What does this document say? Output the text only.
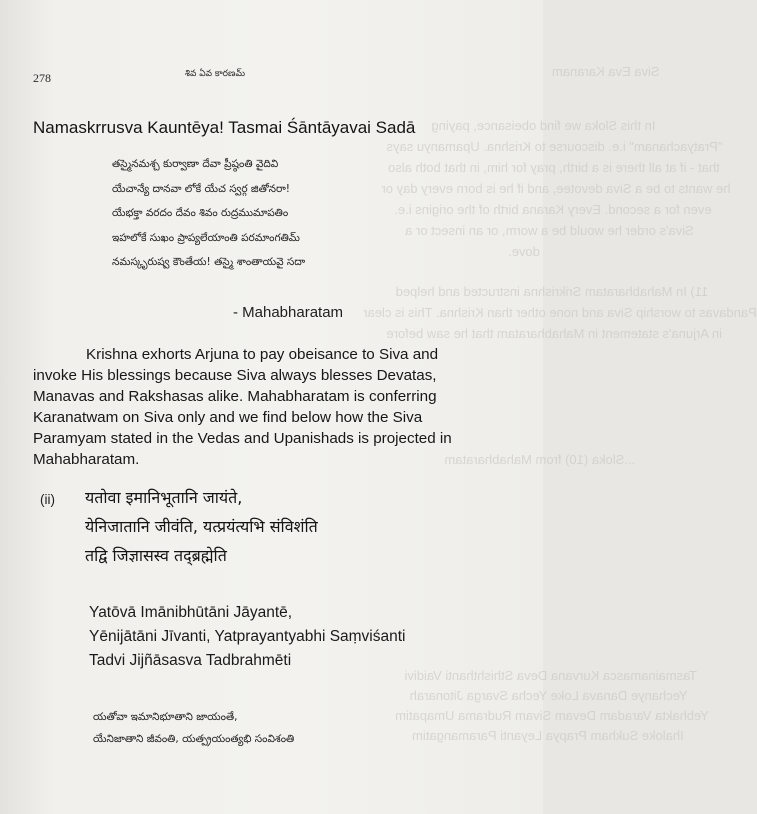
Siva Eva Karanam
In this Sloka we find obeisance, paying
"Pratyachanam" i.e. discourse to Krishna. Upamanyu says
that - if at all there is a birth, pray for him, in that both also
he wants to be a Siva devotee, and if he is born every day or
even for a second. Every Karana birth of the origins i.e.
Siva's order he would be a worm, or an insect or a
dove.
11) In Mahabharatam Srikrishna instructed and helped
Pandavas to worship Siva and none other than Krishna. This is clear
in Arjuna's statement in Mahabharatam that he saw before
...Sloka (10) from Mahabharatam
Tasmainamasca Kurvana Deva Sthishthanti Vaidivi
Yechanye Danava Loke Yecha Svarga Jitonarah
Yebhakta Varadam Devam Sivam Rudrama Umapatim
Ihaloke Sukham Prapya Leyanti Paramangatim
278	శివ ఏవ కారణమ్
Namaskrrusva Kauntēya! Tasmai Śāntāyavai Sadā
తస్మైనమశ్చ కుర్వాణా దేవా ప్రీష్ఠంతి వైదివి
యేచాన్యే దానవా లోకే యేచ స్వర్గ జితోనరా!
యేభక్తా వరదం దేవం శివం రుద్రముమాపతిం
ఇహలోకే సుఖం ప్రాప్యలేయాంతి పరమాంగతిమ్
నమస్కృరుష్వ కౌంతేయ! తస్మై శాంతాయవై సదా
- Mahabharatam

Krishna exhorts Arjuna to pay obeisance to Siva and invoke His blessings because Siva always blesses Devatas, Manavas and Rakshasas alike. Mahabharatam is conferring Karanatwam on Siva only and we find below how the Siva Paramyam stated in the Vedas and Upanishads is projected in Mahabharatam.

(ii) यतोवा इमानिभूतानि जायंते,
येनिजातानि जीवंति, यत्प्रयंत्यभि संविशंति
तद्वि जिज्ञासस्व तद्ब्रह्मेति
Yatōvā Imānibhūtāni Jāyantē,
Yēnijātāni Jīvanti, Yatprayantyabhi Saṃviśanti
Tadvi Jijñāsasva Tadbrahmēti
యతోవా ఇమానిభూతాని జాయంతే,
యేనిజాతాని జీవంతి, యత్ప్రయంత్యభి సంవిశంతి
